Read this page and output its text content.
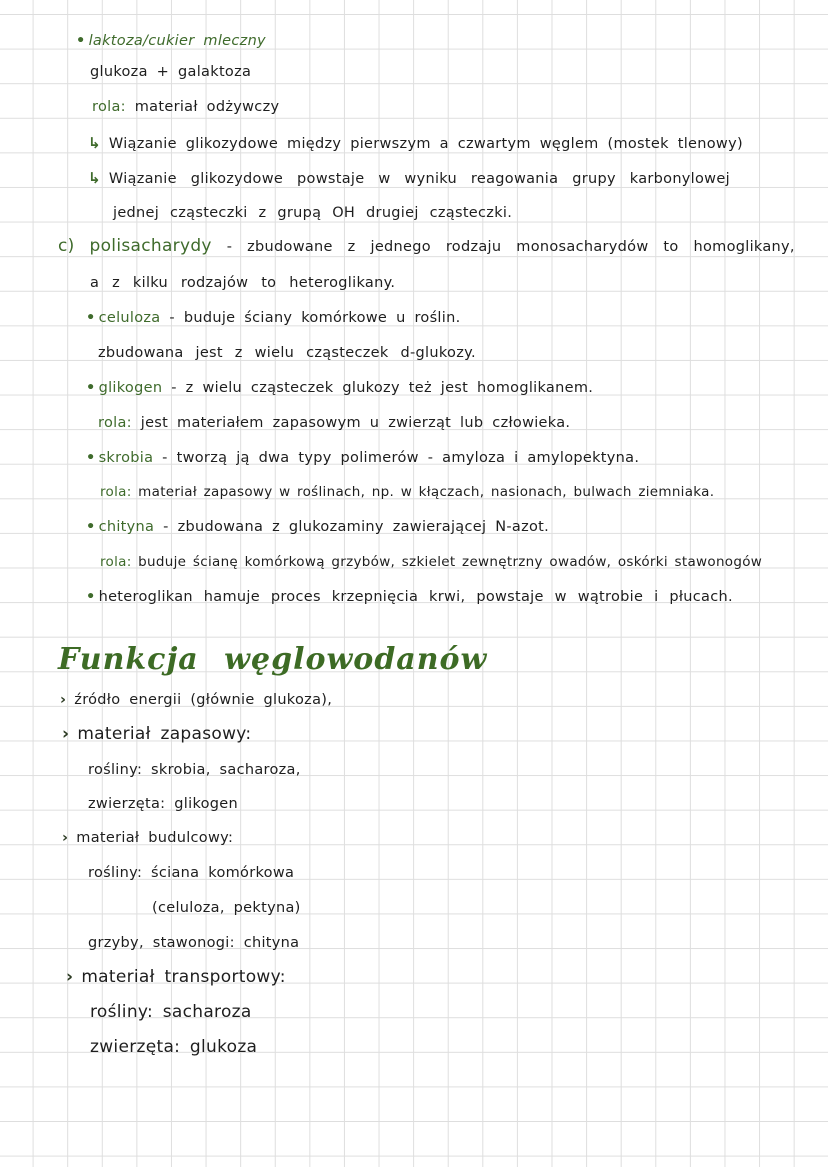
• laktoza/cukier mleczny
glukoza + galaktoza
rola: materiał odżywczy
↳ Wiązanie glikozydowe między pierwszym a czwartym węglem (mostek tlenowy)
↳ Wiązanie glikozydowe powstaje w wyniku reagowania grupy karbonylowej
jednej cząsteczki z grupą OH drugiej cząsteczki.
c) polisacharydy - zbudowane z jednego rodzaju monosacharydów to homoglikany,
a z kilku rodzajów to heteroglikany.
• celuloza - buduje ściany komórkowe u roślin.
zbudowana jest z wielu cząsteczek d-glukozy.
• glikogen - z wielu cząsteczek glukozy też jest homoglikanem.
rola: jest materiałem zapasowym u zwierząt lub człowieka.
• skrobia - tworzą ją dwa typy polimerów - amyloza i amylopektyna.
rola: materiał zapasowy w roślinach, np. w kłączach, nasionach, bulwach ziemniaka.
• chityna - zbudowana z glukozaminy zawierającej N-azot.
rola: buduje ścianę komórkową grzybów, szkielet zewnętrzny owadów, oskórki stawonogów
• heteroglikan hamuje proces krzepnięcia krwi, powstaje w wątrobie i płucach.
Funkcja węglowodanów
› źródło energii (głównie glukoza),
› materiał zapasowy:
rośliny: skrobia, sacharoza,
zwierzęta: glikogen
› materiał budulcowy:
rośliny: ściana komórkowa
(celuloza, pektyna)
grzyby, stawonogi: chityna
› materiał transportowy:
rośliny: sacharoza
zwierzęta: glukoza
